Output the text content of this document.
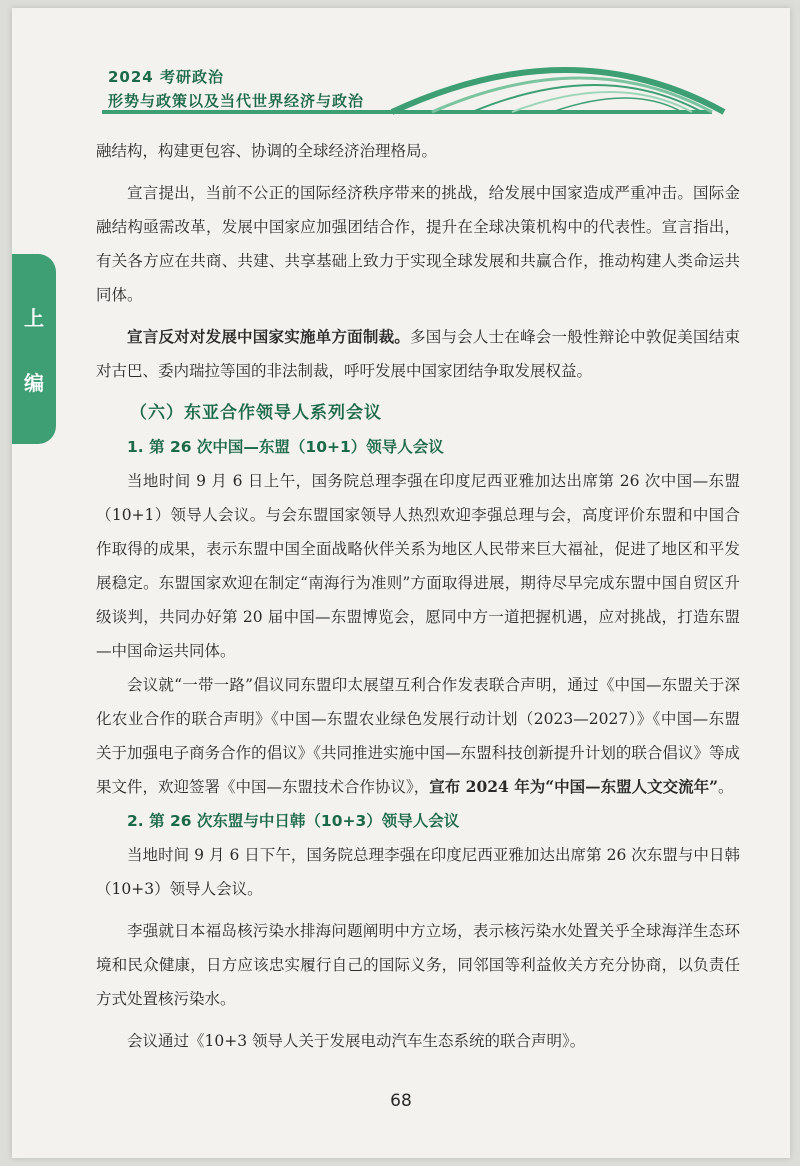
2024 考研政治
形势与政策以及当代世界经济与政治
上
编

融结构，构建更包容、协调的全球经济治理格局。

宣言提出，当前不公正的国际经济秩序带来的挑战，给发展中国家造成严重冲击。国际金融结构亟需改革，发展中国家应加强团结合作，提升在全球决策机构中的代表性。宣言指出，有关各方应在共商、共建、共享基础上致力于实现全球发展和共赢合作，推动构建人类命运共同体。

宣言反对对发展中国家实施单方面制裁。多国与会人士在峰会一般性辩论中敦促美国结束对古巴、委内瑞拉等国的非法制裁，呼吁发展中国家团结争取发展权益。

（六）东亚合作领导人系列会议
1. 第 26 次中国—东盟（10+1）领导人会议

当地时间 9 月 6 日上午，国务院总理李强在印度尼西亚雅加达出席第 26 次中国—东盟（10+1）领导人会议。与会东盟国家领导人热烈欢迎李强总理与会，高度评价东盟和中国合作取得的成果，表示东盟中国全面战略伙伴关系为地区人民带来巨大福祉，促进了地区和平发展稳定。东盟国家欢迎在制定“南海行为准则”方面取得进展，期待尽早完成东盟中国自贸区升级谈判，共同办好第 20 届中国—东盟博览会，愿同中方一道把握机遇，应对挑战，打造东盟—中国命运共同体。

会议就“一带一路”倡议同东盟印太展望互利合作发表联合声明，通过《中国—东盟关于深化农业合作的联合声明》《中国—东盟农业绿色发展行动计划（2023—2027）》《中国—东盟关于加强电子商务合作的倡议》《共同推进实施中国—东盟科技创新提升计划的联合倡议》等成果文件，欢迎签署《中国—东盟技术合作协议》，宣布 2024 年为“中国—东盟人文交流年”。

2. 第 26 次东盟与中日韩（10+3）领导人会议

当地时间 9 月 6 日下午，国务院总理李强在印度尼西亚雅加达出席第 26 次东盟与中日韩（10+3）领导人会议。

李强就日本福岛核污染水排海问题阐明中方立场，表示核污染水处置关乎全球海洋生态环境和民众健康，日方应该忠实履行自己的国际义务，同邻国等利益攸关方充分协商，以负责任方式处置核污染水。

会议通过《10+3 领导人关于发展电动汽车生态系统的联合声明》。

68
